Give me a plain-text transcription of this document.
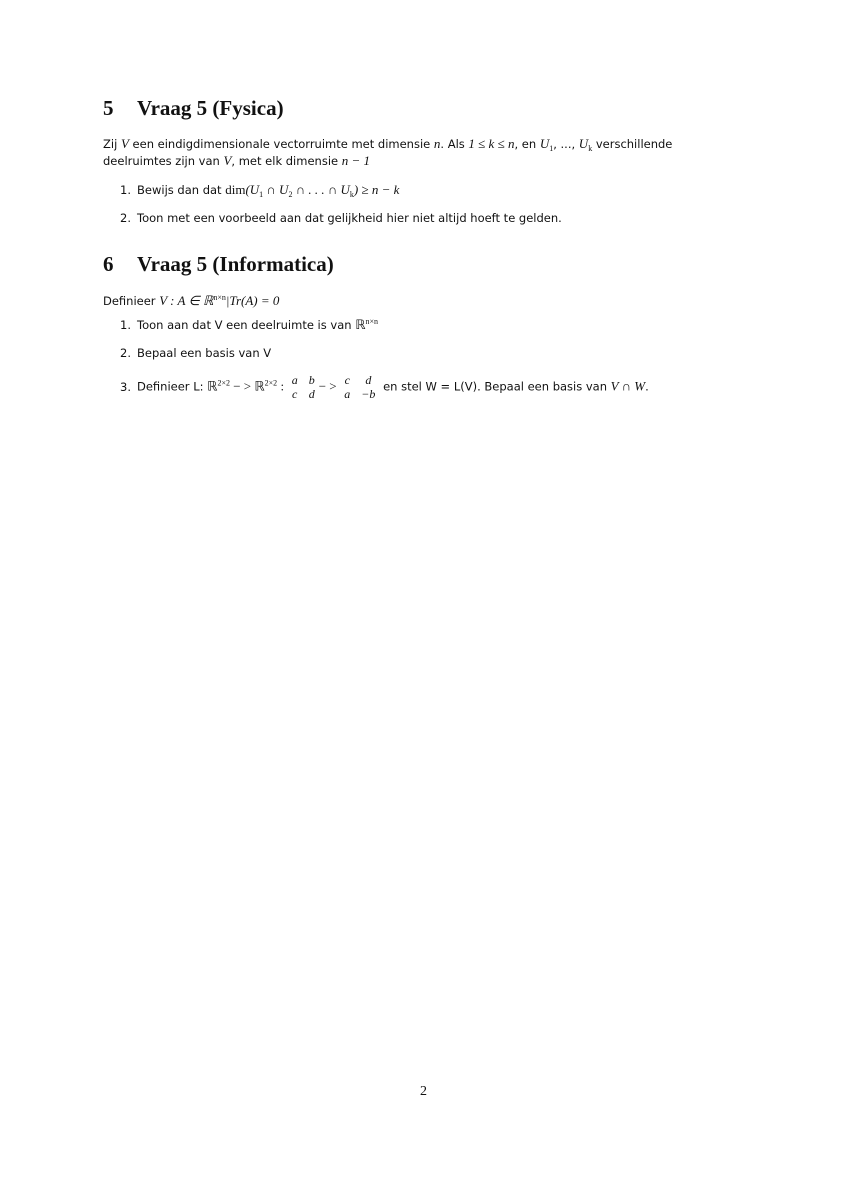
5 Vraag 5 (Fysica)

Zij V een eindigdimensionale vectorruimte met dimensie n. Als 1 ≤ k ≤ n, en $U_1$, ..., $U_k$ verschillende

deelruimtes zijn van V, met elk dimensie n − 1

1. Bewijs dan dat $dim(U_1$ ∩ $U_2$ ∩ . . . ∩ $U_k) \ge n - k$

2. Toon met een voorbeeld aan dat gelijkheid hier niet altijd hoeft te gelden.

6 Vraag 5 (Informatica)

Definieer V : A ∈ ℝ$^{n\times n}$|Tr(A) = 0

1. Toon aan dat V een deelruimte is van ℝ$^{n\times n}$

2. Bepaal een basis van V

3. Definieer L: ℝ$^{2\times 2}$ − > ℝ$^{2\times 2}$ : a b
c d
− > c	d
a −b
en stel W = L(V). Bepaal een basis van V ∩ W.

2
